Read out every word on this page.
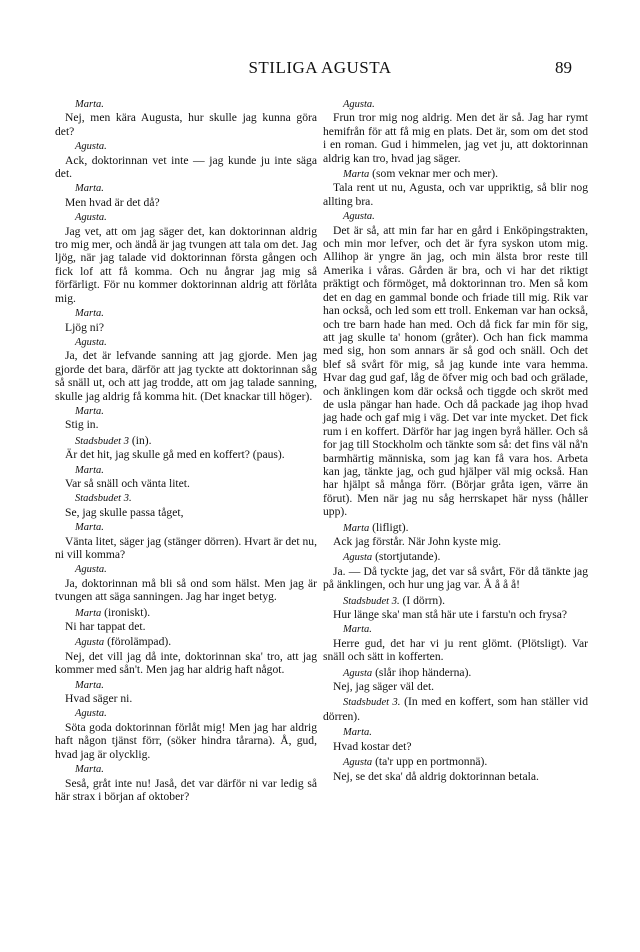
STILIGA AGUSTA	89

Marta.

Nej, men kära Augusta, hur skulle jag kunna göra det?

Agusta.

Ack, doktorinnan vet inte — jag kunde ju inte säga det.

Marta.

Men hvad är det då?

Agusta.

Jag vet, att om jag säger det, kan doktorinnan aldrig tro mig mer, och ändå är jag tvungen att tala om det. Jag ljög, när jag talade vid doktorinnan första gången och fick lof att få komma. Och nu ångrar jag mig så förfärligt. För nu kommer doktorinnan aldrig att förlåta mig.

Marta.

Ljög ni?

Agusta.

Ja, det är lefvande sanning att jag gjorde. Men jag gjorde det bara, därför att jag tyckte att doktorinnan såg så snäll ut, och att jag trodde, att om jag talade sanning, skulle jag aldrig få komma hit. (Det knackar till höger).

Marta.

Stig in.

Stadsbudet 3 (in).

Är det hit, jag skulle gå med en koffert? (paus).

Marta.

Var så snäll och vänta litet.

Stadsbudet 3.

Se, jag skulle passa tåget,

Marta.

Vänta litet, säger jag (stänger dörren). Hvart är det nu, ni vill komma?

Agusta.

Ja, doktorinnan må bli så ond som hälst. Men jag är tvungen att säga sanningen. Jag har inget betyg.

Marta (ironiskt).

Ni har tappat det.

Agusta (förolämpad).

Nej, det vill jag då inte, doktorinnan ska' tro, att jag kommer med sån't. Men jag har aldrig haft något.

Marta.

Hvad säger ni.

Agusta.

Söta goda doktorinnan förlåt mig! Men jag har aldrig haft någon tjänst förr, (söker hindra tårarna). Å, gud, hvad jag är olycklig.

Marta.

Seså, gråt inte nu! Jaså, det var därför ni var ledig så här strax i början af oktober?

Agusta.

Frun tror mig nog aldrig. Men det är så. Jag har rymt hemifrån för att få mig en plats. Det är, som om det stod i en roman. Gud i himmelen, jag vet ju, att doktorinnan aldrig kan tro, hvad jag säger.

Marta (som veknar mer och mer).

Tala rent ut nu, Agusta, och var uppriktig, så blir nog allting bra.

Agusta.

Det är så, att min far har en gård i Enköpingstrakten, och min mor lefver, och det är fyra syskon utom mig. Allihop är yngre än jag, och min älsta bror reste till Amerika i våras. Gården är bra, och vi har det riktigt präktigt och förmöget, må doktorinnan tro. Men så kom det en dag en gammal bonde och friade till mig. Rik var han också, och led som ett troll. Enkeman var han också, och tre barn hade han med. Och då fick far min för sig, att jag skulle ta' honom (gråter). Och han fick mamma med sig, hon som annars är så god och snäll. Och det blef så svårt för mig, så jag kunde inte vara hemma. Hvar dag gud gaf, låg de öfver mig och bad och grälade, och änklingen kom där också och tiggde och skröt med de usla pängar han hade. Och då packade jag ihop hvad jag hade och gaf mig i väg. Det var inte mycket. Det fick rum i en koffert. Därför har jag ingen byrå häller. Och så for jag till Stockholm och tänkte som så: det fins väl nå'n barmhärtig människa, som jag kan få vara hos. Arbeta kan jag, tänkte jag, och gud hjälper väl mig också. Han har hjälpt så många förr. (Börjar gråta igen, värre än förut). Men när jag nu såg herrskapet här nyss (håller upp).

Marta (lifligt).

Ack jag förstår. När John kyste mig.

Agusta (stortjutande).

Ja. — Då tyckte jag, det var så svårt, För då tänkte jag på änklingen, och hur ung jag var. Å å å å!

Stadsbudet 3. (I dörrn).

Hur länge ska' man stå här ute i farstu'n och frysa?

Marta.

Herre gud, det har vi ju rent glömt. (Plötsligt). Var snäll och sätt in kofferten.

Agusta (slår ihop händerna).

Nej, jag säger väl det.

Stadsbudet 3. (In med en koffert, som han ställer vid dörren).

Marta.

Hvad kostar det?

Agusta (ta'r upp en portmonnä).

Nej, se det ska' då aldrig doktorinnan betala.
